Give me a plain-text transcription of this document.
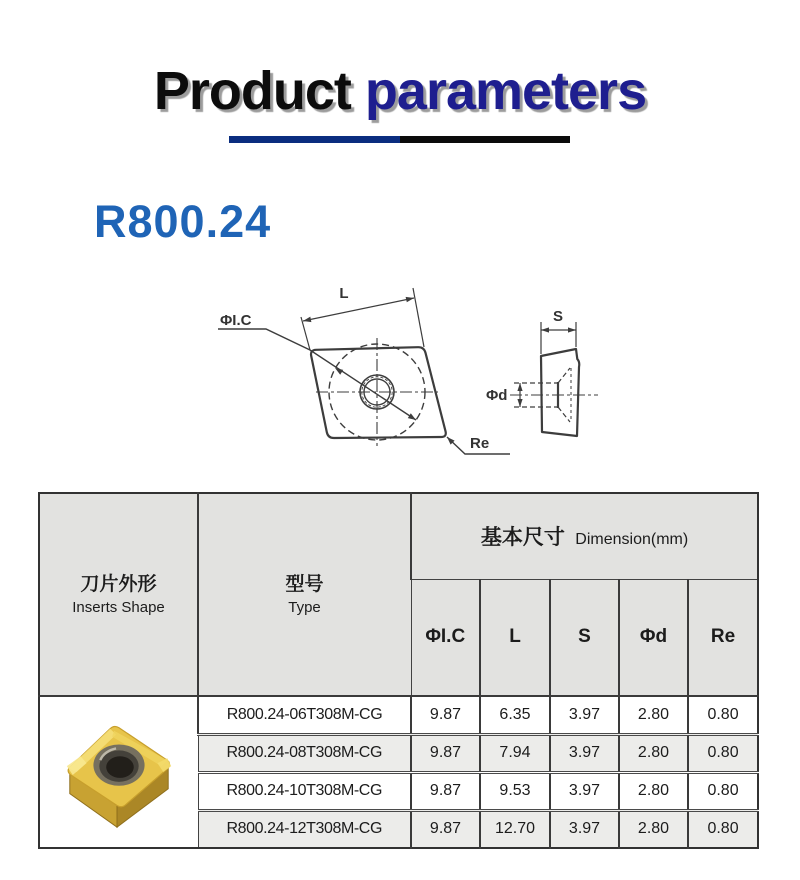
Product parameters
R800.24
ΦI.C
L
Re
S
Φd
刀片外形
Inserts Shape	型号
Type	基本尺寸 Dimension(mm)				
		ΦI.C	L	S	Φd	Re

	R800.24-06T308M-CG	9.87	6.35	3.97	2.80	0.80
	R800.24-08T308M-CG	9.87	7.94	3.97	2.80	0.80
	R800.24-10T308M-CG	9.87	9.53	3.97	2.80	0.80
	R800.24-12T308M-CG	9.87	12.70	3.97	2.80	0.80
